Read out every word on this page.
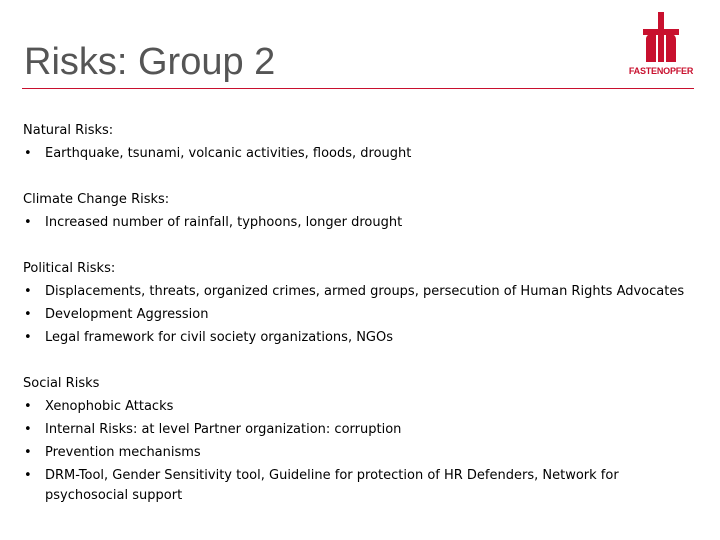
Risks: Group 2	FASTENOPFER

Natural Risks:

• Earthquake, tsunami, volcanic activities, floods, drought

Climate Change Risks:

• Increased number of rainfall, typhoons, longer drought

Political Risks:

• Displacements, threats, organized crimes, armed groups, persecution of Human Rights Advocates
• Development Aggression
• Legal framework for civil society organizations, NGOs

Social Risks

• Xenophobic Attacks
• Internal Risks: at level Partner organization: corruption
• Prevention mechanisms
• DRM-Tool, Gender Sensitivity tool, Guideline for protection of HR Defenders, Network for psychosocial support
